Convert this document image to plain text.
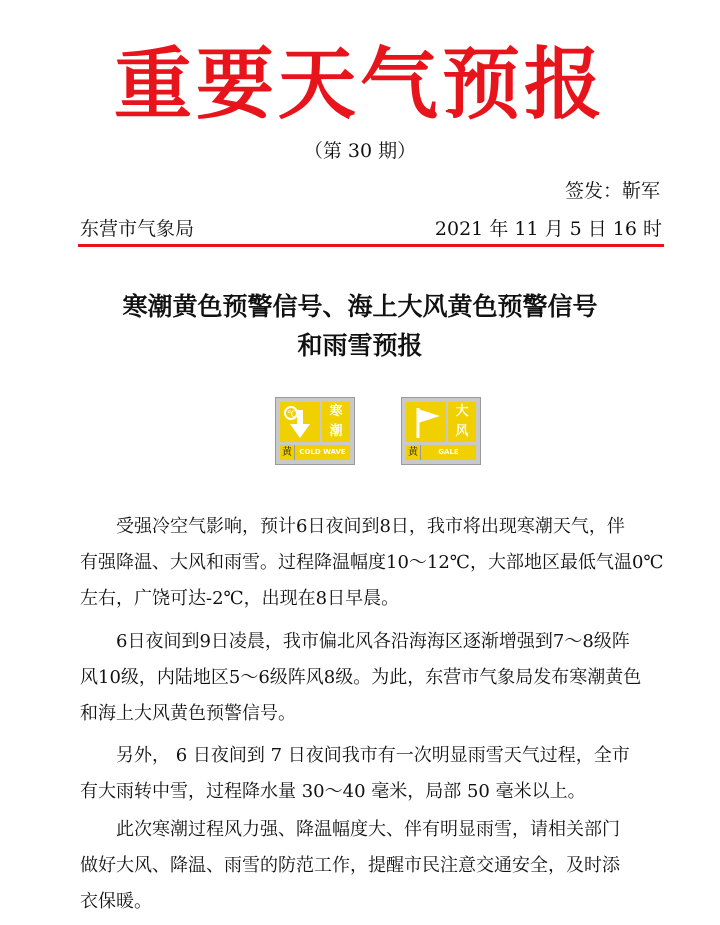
重要天气预报
（第 30 期）
签发：靳军
东营市气象局	2021 年 11 月 5 日 16 时
寒潮黄色预警信号、海上大风黄色预警信号
和雨雪预报
℃	寒
潮
黄	COLD WAVE
大
风
黄	GALE
　　受强冷空气影响，预计6日夜间到8日，我市将出现寒潮天气，伴
有强降温、大风和雨雪。过程降温幅度10～12℃，大部地区最低气温0℃
左右，广饶可达-2℃，出现在8日早晨。
　　6日夜间到9日凌晨，我市偏北风各沿海海区逐渐增强到7～8级阵
风10级，内陆地区5～6级阵风8级。为此，东营市气象局发布寒潮黄色
和海上大风黄色预警信号。
　　另外， 6 日夜间到 7 日夜间我市有一次明显雨雪天气过程，全市
有大雨转中雪，过程降水量 30～40 毫米，局部 50 毫米以上。
　　此次寒潮过程风力强、降温幅度大、伴有明显雨雪，请相关部门
做好大风、降温、雨雪的防范工作，提醒市民注意交通安全，及时添
衣保暖。
